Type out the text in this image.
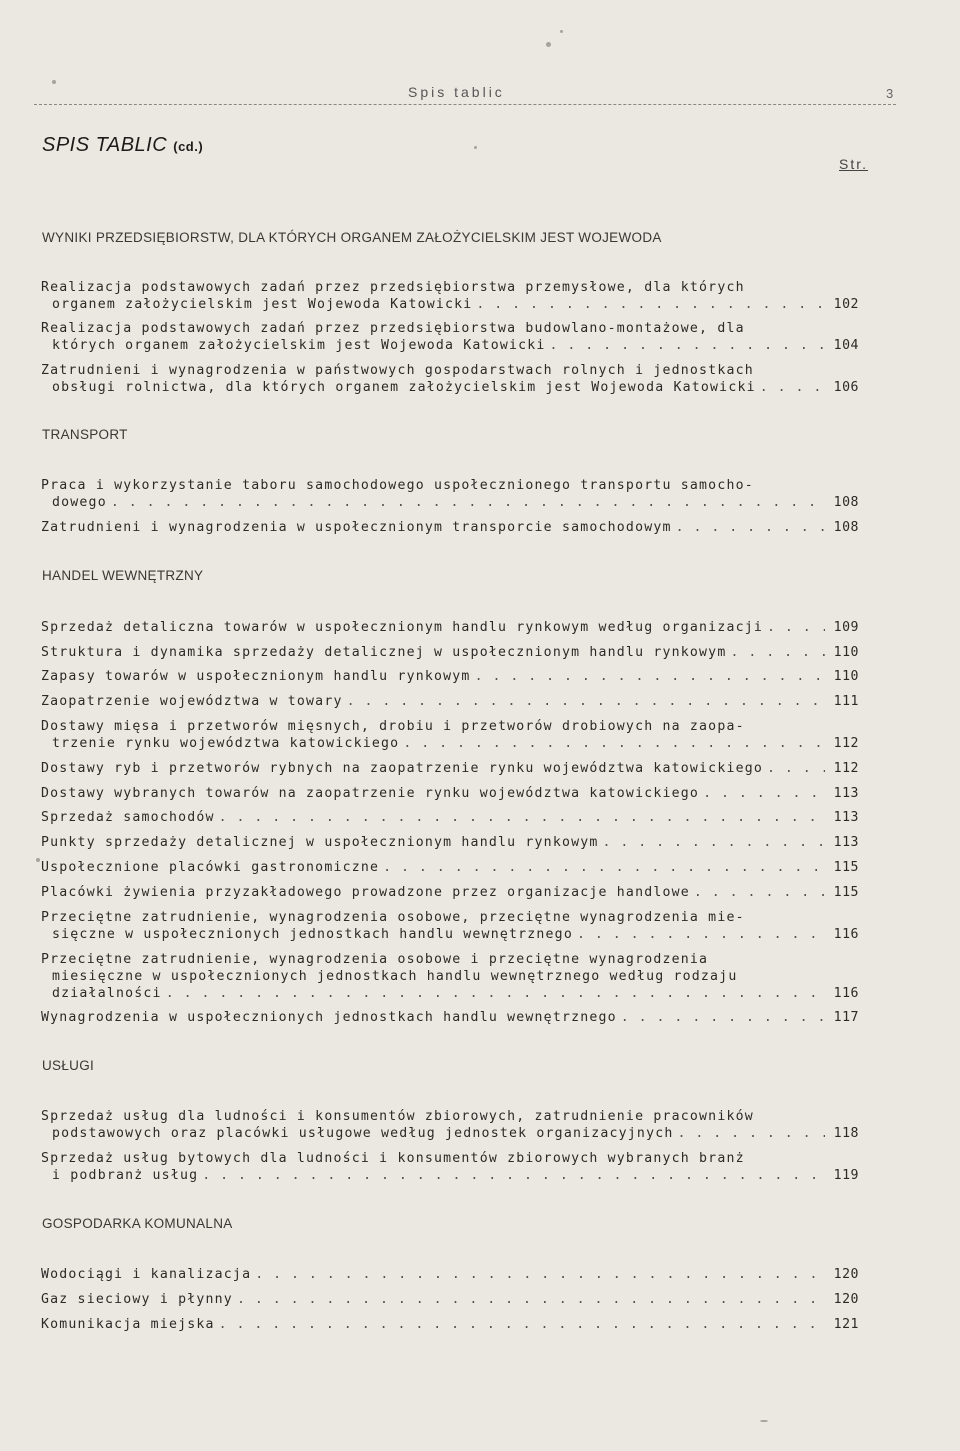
Spis tablic	3
SPIS TABLIC (cd.)
Str.
WYNIKI PRZEDSIĘBIORSTW, DLA KTÓRYCH ORGANEM ZAŁOŻYCIELSKIM JEST WOJEWODA
Realizacja podstawowych zadań przez przedsiębiorstwa przemysłowe, dla których
organem założycielskim jest Wojewoda Katowicki . . .	102
Realizacja podstawowych zadań przez przedsiębiorstwa budowlano-montażowe, dla
których organem założycielskim jest Wojewoda Katowicki . . .	104
Zatrudnieni i wynagrodzenia w państwowych gospodarstwach rolnych i jednostkach
obsługi rolnictwa, dla których organem założycielskim jest Wojewoda Katowicki . . .	106
TRANSPORT
Praca i wykorzystanie taboru samochodowego uspołecznionego transportu samocho-
dowego . . .	108
Zatrudnieni i wynagrodzenia w uspołecznionym transporcie samochodowym . . .	108
HANDEL WEWNĘTRZNY
Sprzedaż detaliczna towarów w uspołecznionym handlu rynkowym według organizacji . . .	109
Struktura i dynamika sprzedaży detalicznej w uspołecznionym handlu rynkowym . . .	110
Zapasy towarów w uspołecznionym handlu rynkowym . . .	110
Zaopatrzenie województwa w towary . . .	111
Dostawy mięsa i przetworów mięsnych, drobiu i przetworów drobiowych na zaopa-
trzenie rynku województwa katowickiego . . .	112
Dostawy ryb i przetworów rybnych na zaopatrzenie rynku województwa katowickiego . . .	112
Dostawy wybranych towarów na zaopatrzenie rynku województwa katowickiego . . .	113
Sprzedaż samochodów . . .	113
Punkty sprzedaży detalicznej w uspołecznionym handlu rynkowym . . .	113
Uspołecznione placówki gastronomiczne . . .	115
Placówki żywienia przyzakładowego prowadzone przez organizacje handlowe . . .	115
Przeciętne zatrudnienie, wynagrodzenia osobowe, przeciętne wynagrodzenia mie-
sięczne w uspołecznionych jednostkach handlu wewnętrznego . . .	116
Przeciętne zatrudnienie, wynagrodzenia osobowe i przeciętne wynagrodzenia
miesięczne w uspołecznionych jednostkach handlu wewnętrznego według rodzaju
działalności . . .	116
Wynagrodzenia w uspołecznionych jednostkach handlu wewnętrznego . . .	117
USŁUGI
Sprzedaż usług dla ludności i konsumentów zbiorowych, zatrudnienie pracowników
podstawowych oraz placówki usługowe według jednostek organizacyjnych . . .	118
Sprzedaż usług bytowych dla ludności i konsumentów zbiorowych wybranych branż
i podbranż usług . . .	119
GOSPODARKA KOMUNALNA
Wodociągi i kanalizacja . . .	120
Gaz sieciowy i płynny . . .	120
Komunikacja miejska . . .	121
